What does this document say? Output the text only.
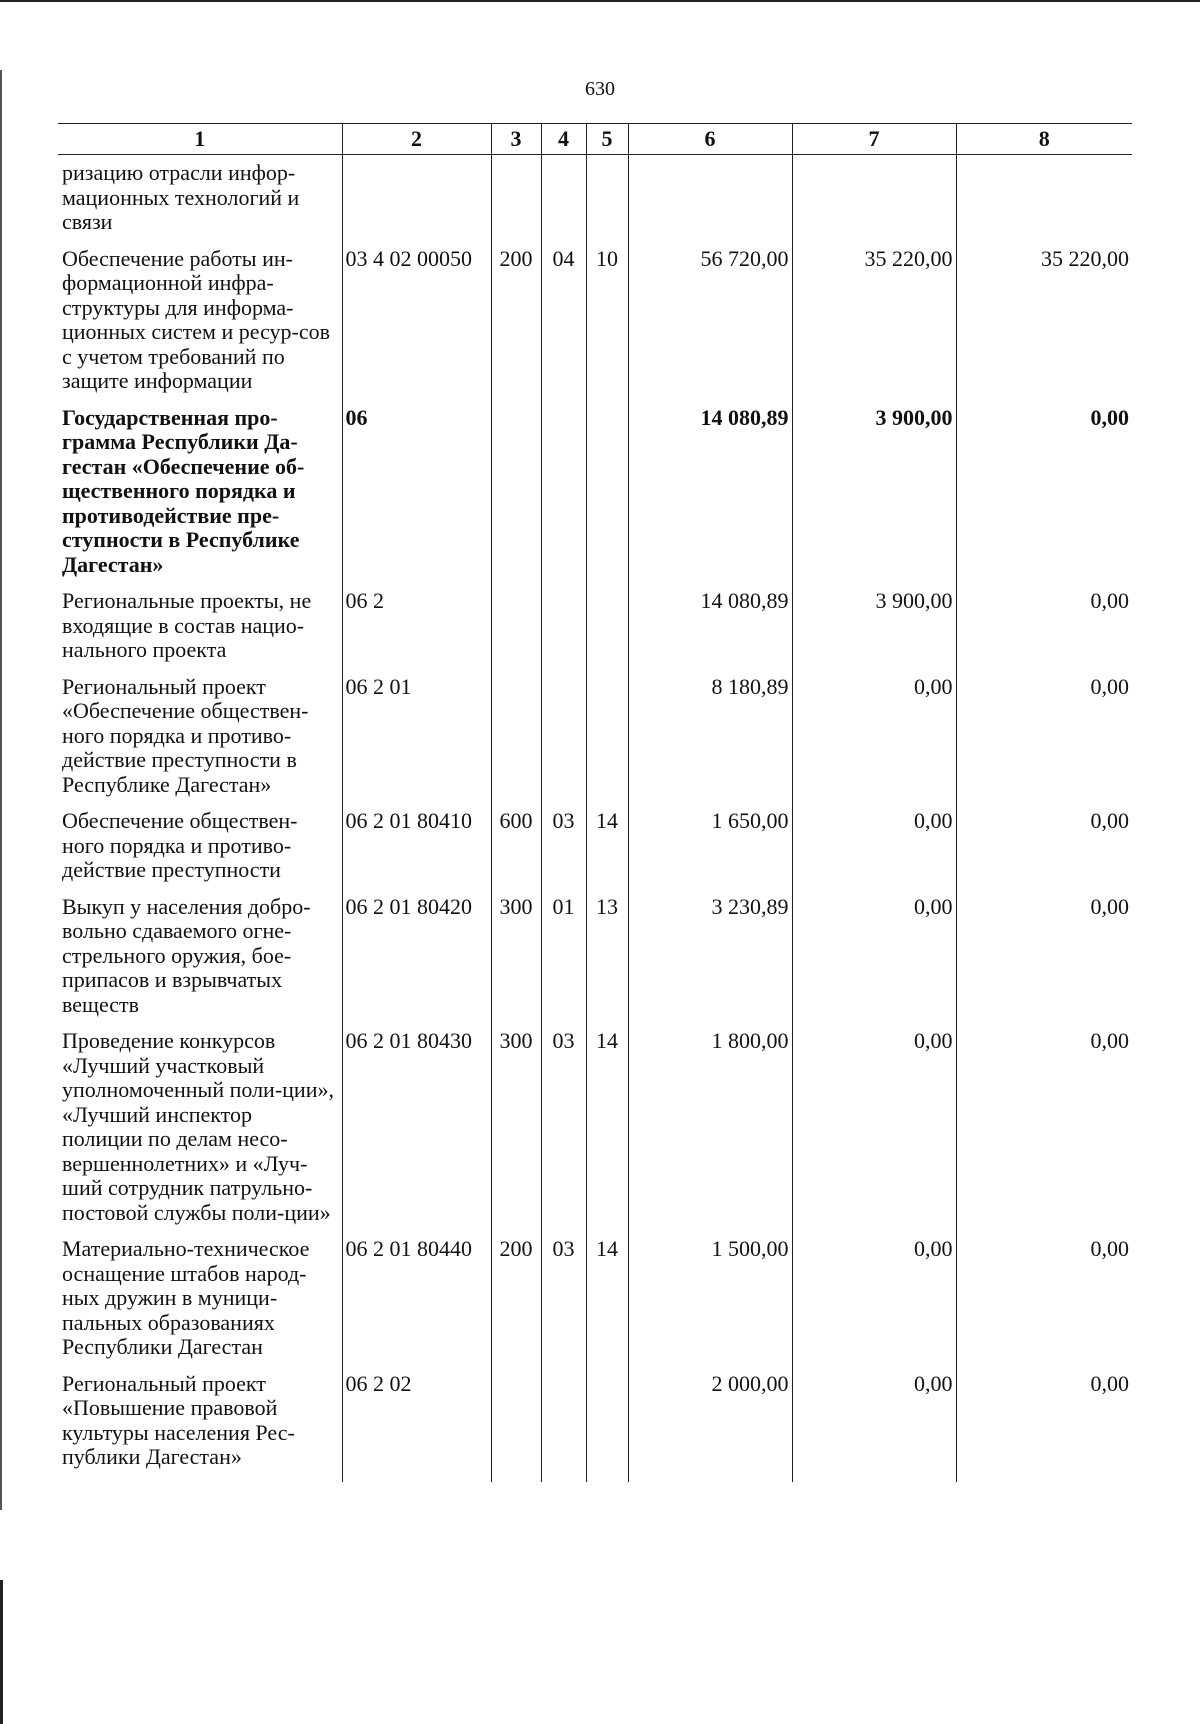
630
1	2	3	4	5	6	7	8
ризацию отрасли инфор-мационных технологий и связи							
Обеспечение работы ин-формационной инфра-структуры для информа-ционных систем и ресур-сов с учетом требований по защите информации	03 4 02 00050	200	04	10	56 720,00	35 220,00	35 220,00
Государственная про-грамма Республики Да-гестан «Обеспечение об-щественного порядка и противодействие пре-ступности в Республике Дагестан»	06				14 080,89	3 900,00	0,00
Региональные проекты, не входящие в состав нацио-нального проекта	06 2				14 080,89	3 900,00	0,00
Региональный проект «Обеспечение обществен-ного порядка и противо-действие преступности в Республике Дагестан»	06 2 01				8 180,89	0,00	0,00
Обеспечение обществен-ного порядка и противо-действие преступности	06 2 01 80410	600	03	14	1 650,00	0,00	0,00
Выкуп у населения добро-вольно сдаваемого огне-стрельного оружия, бое-припасов и взрывчатых веществ	06 2 01 80420	300	01	13	3 230,89	0,00	0,00
Проведение конкурсов «Лучший участковый уполномоченный поли-ции», «Лучший инспектор полиции по делам несо-вершеннолетних» и «Луч-ший сотрудник патрульно-постовой службы поли-ции»	06 2 01 80430	300	03	14	1 800,00	0,00	0,00
Материально-техническое оснащение штабов народ-ных дружин в муници-пальных образованиях Республики Дагестан	06 2 01 80440	200	03	14	1 500,00	0,00	0,00
Региональный проект «Повышение правовой культуры населения Рес-публики Дагестан»	06 2 02				2 000,00	0,00	0,00
